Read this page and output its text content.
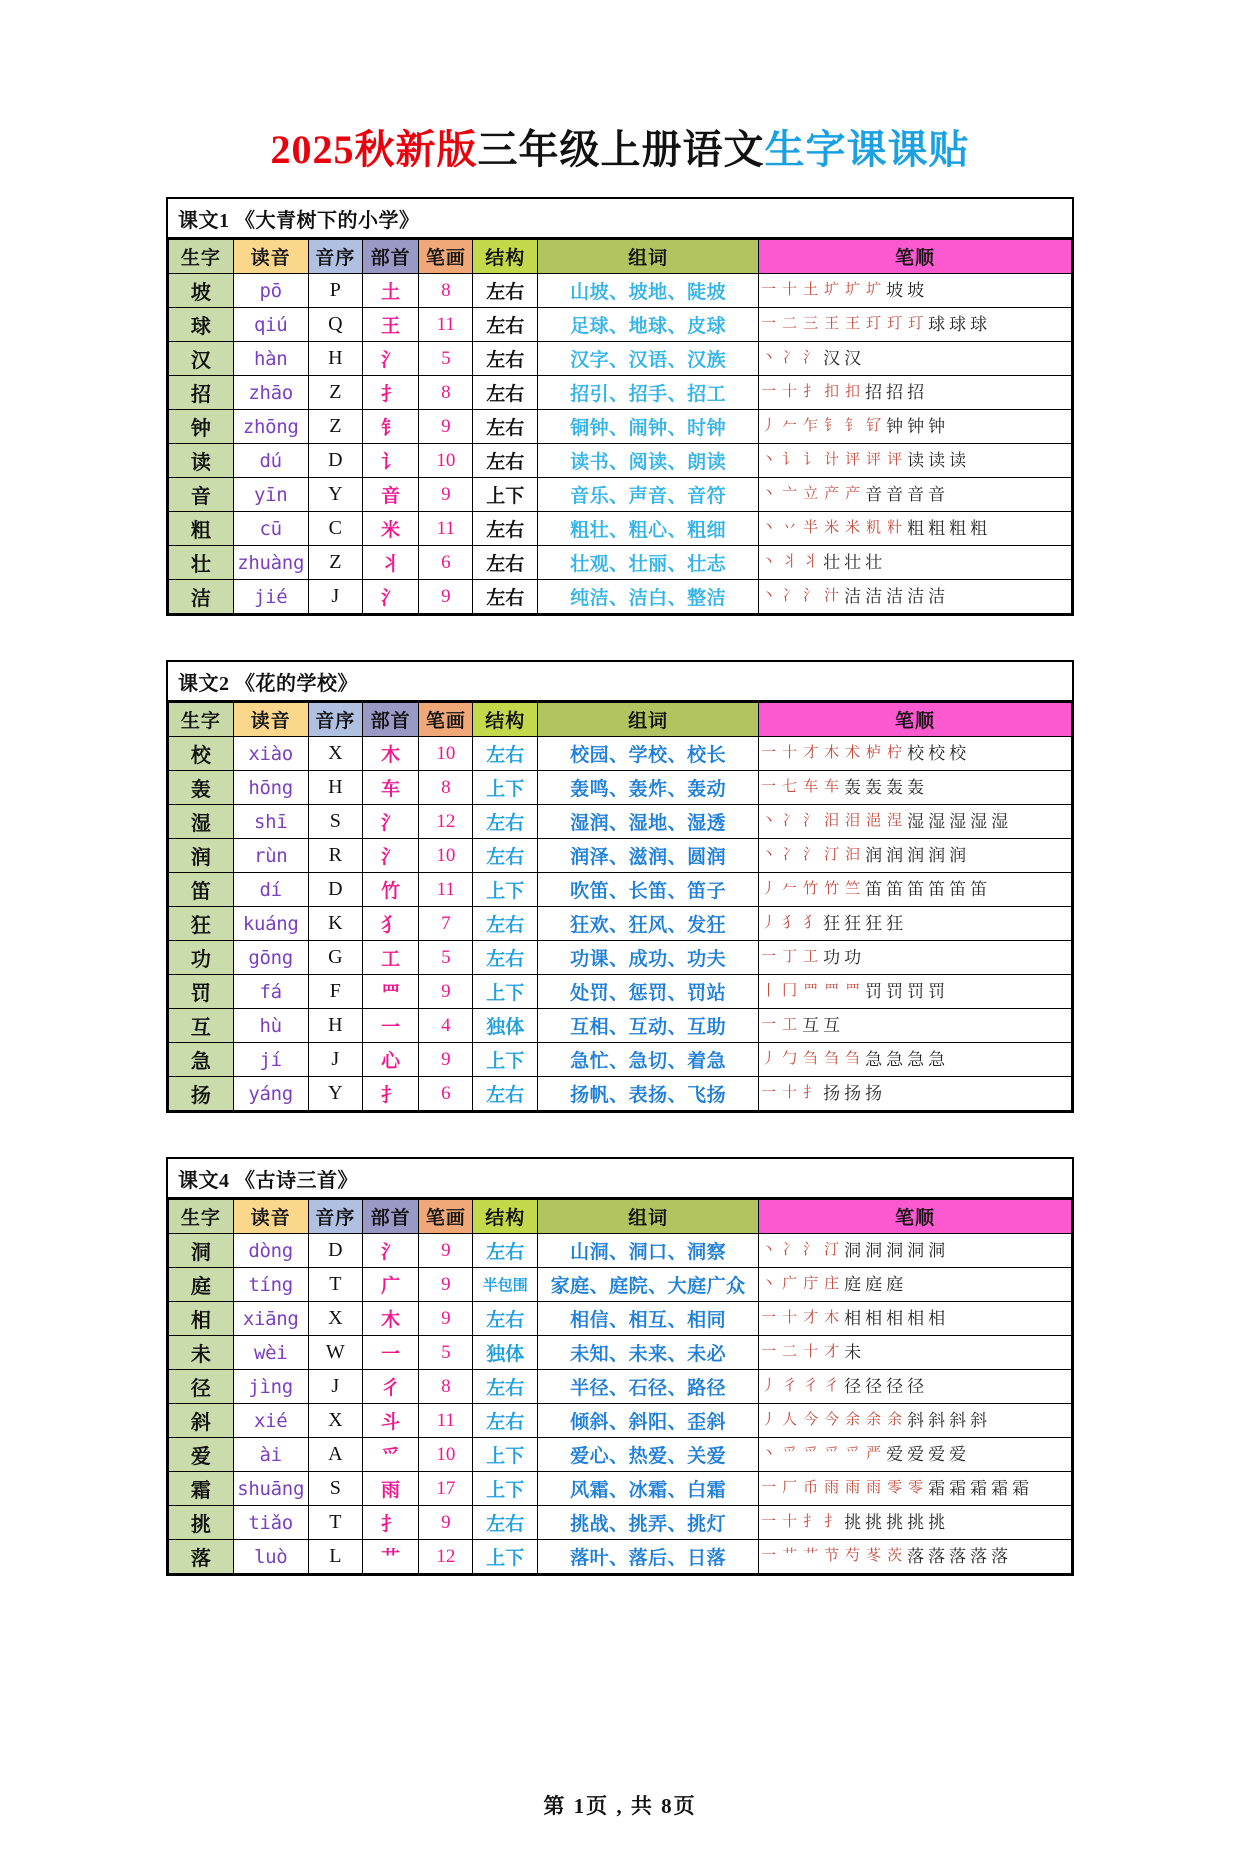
2025秋新版三年级上册语文生字课课贴
课文1 《大青树下的小学》
生字	读音	音序	部首	笔画	结构	组词	笔顺
坡	pō	P	土	8	左右	山坡、坡地、陡坡	一 十 土 圹 圹 圹 坡 坡

球	qiú	Q	王	11	左右	足球、地球、皮球	一 二 三 王 王 玎 玎 玎 球 球 球

汉	hàn	H	氵	5	左右	汉字、汉语、汉族	丶 冫 氵 汉 汉

招	zhāo	Z	扌	8	左右	招引、招手、招工	一 十 扌 扣 扣 招 招 招

钟	zhōng	Z	钅	9	左右	铜钟、闹钟、时钟	丿 𠂉 乍 钅 钅 钌 钟 钟 钟

读	dú	D	讠	10	左右	读书、阅读、朗读	丶 讠 讠 计 评 评 评 读 读 读

音	yīn	Y	音	9	上下	音乐、声音、音符	丶 亠 立 产 产 音 音 音 音

粗	cū	C	米	11	左右	粗壮、粗心、粗细	丶 丷 半 米 米 籶 籵 粗 粗 粗 粗

壮	zhuàng	Z	丬	6	左右	壮观、壮丽、壮志	丶 丬 丬 壮 壮 壮

洁	jié	J	氵	9	左右	纯洁、洁白、整洁	丶 冫 氵 汁 洁 洁 洁 洁 洁
课文2 《花的学校》
生字	读音	音序	部首	笔画	结构	组词	笔顺
校	xiào	X	木	10	左右	校园、学校、校长	一 十 才 木 术 栌 柠 校 校 校

轰	hōng	H	车	8	上下	轰鸣、轰炸、轰动	一 七 车 车 轰 轰 轰 轰

湿	shī	S	氵	12	左右	湿润、湿地、湿透	丶 冫 氵 汨 泪 浥 涅 湿 湿 湿 湿 湿

润	rùn	R	氵	10	左右	润泽、滋润、圆润	丶 冫 氵 汀 汩 润 润 润 润 润

笛	dí	D	竹	11	上下	吹笛、长笛、笛子	丿 𠂉 竹 竹 竺 笛 笛 笛 笛 笛 笛

狂	kuáng	K	犭	7	左右	狂欢、狂风、发狂	丿 犭 犭 狂 狂 狂 狂

功	gōng	G	工	5	左右	功课、成功、功夫	一 丁 工 功 功

罚	fá	F	罒	9	上下	处罚、惩罚、罚站	丨 冂 罒 罒 罒 罚 罚 罚 罚

互	hù	H	一	4	独体	互相、互动、互助	一 工 互 互

急	jí	J	心	9	上下	急忙、急切、着急	丿 勹 刍 刍 刍 急 急 急 急

扬	yáng	Y	扌	6	左右	扬帆、表扬、飞扬	一 十 扌 扬 扬 扬
课文4 《古诗三首》
生字	读音	音序	部首	笔画	结构	组词	笔顺
洞	dòng	D	氵	9	左右	山洞、洞口、洞察	丶 冫 氵 汀 洞 洞 洞 洞 洞

庭	tíng	T	广	9	半包围	家庭、庭院、大庭广众	丶 广 庁 庄 庭 庭 庭

相	xiāng	X	木	9	左右	相信、相互、相同	一 十 才 木 相 相 相 相 相

未	wèi	W	一	5	独体	未知、未来、未必	一 二 十 才 未

径	jìng	J	彳	8	左右	半径、石径、路径	丿 彳 彳 彳 径 径 径 径

斜	xié	X	斗	11	左右	倾斜、斜阳、歪斜	丿 人 今 今 余 余 余 斜 斜 斜 斜

爱	ài	A	爫	10	上下	爱心、热爱、关爱	丶 爫 爫 爫 爫 严 爱 爱 爱 爱

霜	shuāng	S	雨	17	上下	风霜、冰霜、白霜	一 厂 币 雨 雨 雨 零 零 霜 霜 霜 霜 霜

挑	tiǎo	T	扌	9	左右	挑战、挑弄、挑灯	一 十 扌 扌 挑 挑 挑 挑 挑

落	luò	L	艹	12	上下	落叶、落后、日落	一 艹 艹 节 芍 苳 茨 落 落 落 落 落
第 1页 , 共 8页
